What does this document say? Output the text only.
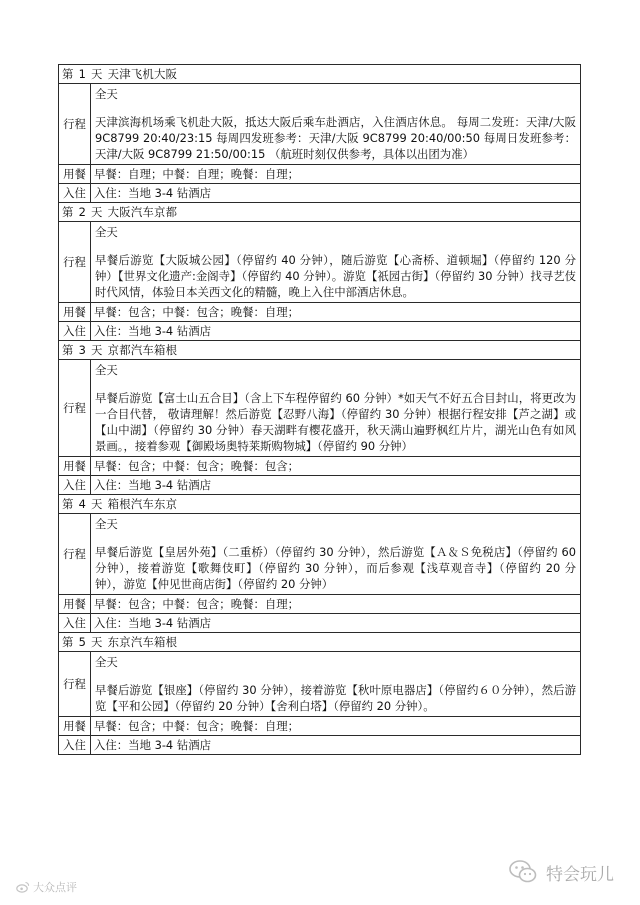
第 1 天 天津飞机大阪	
行程	全天
天津滨海机场乘飞机赴大阪，抵达大阪后乘车赴酒店，入住酒店休息。 每周二发班：天津/大阪 9C8799 20:40/23:15 每周四发班参考：天津/大阪 9C8799 20:40/00:50 每周日发班参考：天津/大阪 9C8799 21:50/00:15 （航班时刻仅供参考，具体以出团为准）

用餐	早餐：自理；中餐：自理；晚餐：自理；
入住	入住：当地 3-4 钻酒店
第 2 天 大阪汽车京都	
行程	全天
早餐后游览【大阪城公园】（停留约 40 分钟），随后游览【心斋桥、道顿堀】（停留约 120 分钟）【世界文化遗产:金阁寺】（停留约 40 分钟）。游览【祇园古街】（停留约 30 分钟）找寻艺伎时代风情，体验日本关西文化的精髓，晚上入住中部酒店休息。

用餐	早餐：包含；中餐：包含；晚餐：自理；
入住	入住：当地 3-4 钻酒店
第 3 天 京都汽车箱根	
行程	全天
早餐后游览【富士山五合目】（含上下车程停留约 60 分钟）*如天气不好五合目封山，将更改为一合目代替， 敬请理解！然后游览【忍野八海】（停留约 30 分钟）根据行程安排【芦之湖】或【山中湖】（停留约 30 分钟）春天湖畔有樱花盛开，秋天满山遍野枫红片片，湖光山色有如风景画。，接着参观【御殿场奥特莱斯购物城】（停留约 90 分钟）

用餐	早餐：包含；中餐：包含；晚餐：包含；
入住	入住：当地 3-4 钻酒店
第 4 天 箱根汽车东京	
行程	全天
早餐后游览【皇居外苑】（二重桥）（停留约 30 分钟），然后游览【Ａ＆Ｓ免税店】（停留约 60 分钟），接着游览【歌舞伎町】（停留约 30 分钟），而后参观【浅草观音寺】（停留约 20 分钟），游览【仲见世商店街】（停留约 20 分钟）

用餐	早餐：包含；中餐：包含；晚餐：自理；
入住	入住：当地 3-4 钻酒店
第 5 天 东京汽车箱根	
行程	全天
早餐后游览【银座】（停留约 30 分钟），接着游览【秋叶原电器店】（停留约６０分钟），然后游览【平和公园】（停留约 20 分钟）【舍利白塔】（停留约 20 分钟）。

用餐	早餐：包含；中餐：包含；晚餐：自理；
入住	入住：当地 3-4 钻酒店
大众点评
特会玩儿
